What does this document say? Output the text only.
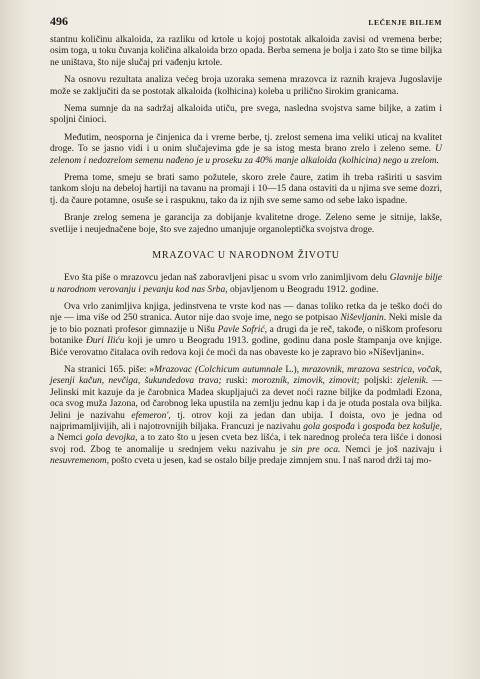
496	LEČENJE BILJEM

stantnu količinu alkaloida, za razliku od krtole u kojoj postotak alkaloida zavisi od vremena berbe; osim toga, u toku čuvanja količina alkaloida brzo opada. Berba semena je bolja i zato što se time biljka ne uništava, što nije slučaj pri vađenju krtole.

Na osnovu rezultata analiza većeg broja uzoraka semena mrazovca iz raznih krajeva Jugoslavije može se zaključiti da se postotak alkaloida (kolhicina) koleba u prilično širokim granicama.

Nema sumnje da na sadržaj alkaloida utiču, pre svega, nasledna svojstva same biljke, a zatim i spoljni činioci.

Međutim, neosporna je činjenica da i vreme berbe, tj. zrelost semena ima veliki uticaj na kvalitet droge. To se jasno vidi i u onim slučajevima gde je sa istog mesta brano zrelo i zeleno seme. U zelenom i nedozrelom semenu nađeno je u proseku za 40% manje alkaloida (kolhicina) nego u zrelom.

Prema tome, smeju se brati samo požutele, skoro zrele čaure, zatim ih treba raširiti u sasvim tankom sloju na debeloj hartiji na tavanu na promaji i 10—15 dana ostaviti da u njima sve seme dozri, tj. da čaure potamne, osuše se i raspuknu, tako da iz njih sve seme samo od sebe lako ispadne.

Branje zrelog semena je garancija za dobijanje kvalitetne droge. Zeleno seme je sitnije, lakše, svetlije i neujednačene boje, što sve zajedno umanjuje organoleptička svojstva droge.

MRAZOVAC U NARODNOM ŽIVOTU

Evo šta piše o mrazovcu jedan naš zaboravljeni pisac u svom vrlo zanimljivom delu Glavnije bilje u narodnom verovanju i pevanju kod nas Srba, objavljenom u Beogradu 1912. godine.

Ova vrlo zanimljiva knjiga, jedinstvena te vrste kod nas — danas toliko retka da je teško doći do nje — ima više od 250 stranica. Autor nije dao svoje ime, nego se potpisao Niševljanin. Neki misle da je to bio poznati profesor gimnazije u Nišu Pavle Sofrić, a drugi da je reč, takođe, o niškom profesoru botanike Đuri Iliću koji je umro u Beogradu 1913. godine, godinu dana posle štampanja ove knjige. Biće verovatno čitalaca ovih redova koji će moći da nas obaveste ko je zapravo bio »Niševljanin«.

Na stranici 165. piše: »Mrazovac (Colchicum autumnale L.), mrazovnik, mrazova sestrica, vočak, jesenji kačun, nevčiga, šukundedova trava; ruski: morozník, zimovik, zimovit; poljski: zjelenik. — Jelinski mit kazuje da je čarobnica Madea skupljajući za devet noći razne biljke da podmladi Ezona, oca svog muža Jazona, od čarobnog leka upustila na zemlju jednu kap i da je otuda postala ova biljka. Jelini je nazivahu efemeron', tj. otrov koji za jedan dan ubija. I doista, ovo je jedna od najprimamljivijih, ali i najotrovnijih biljaka. Francuzi je nazivahu gola gospođa i gospođa bez košulje, a Nemci gola devojka, a to zato što u jesen cveta bez lišća, i tek narednog proleća tera lišće i donosi svoj rod. Zbog te anomalije u srednjem veku nazivahu je sin pre oca. Nemci je još nazivaju i nesuvremenom, pošto cveta u jesen, kad se ostalo bilje predaje zimnjem snu. I naš narod drži taj mo-
